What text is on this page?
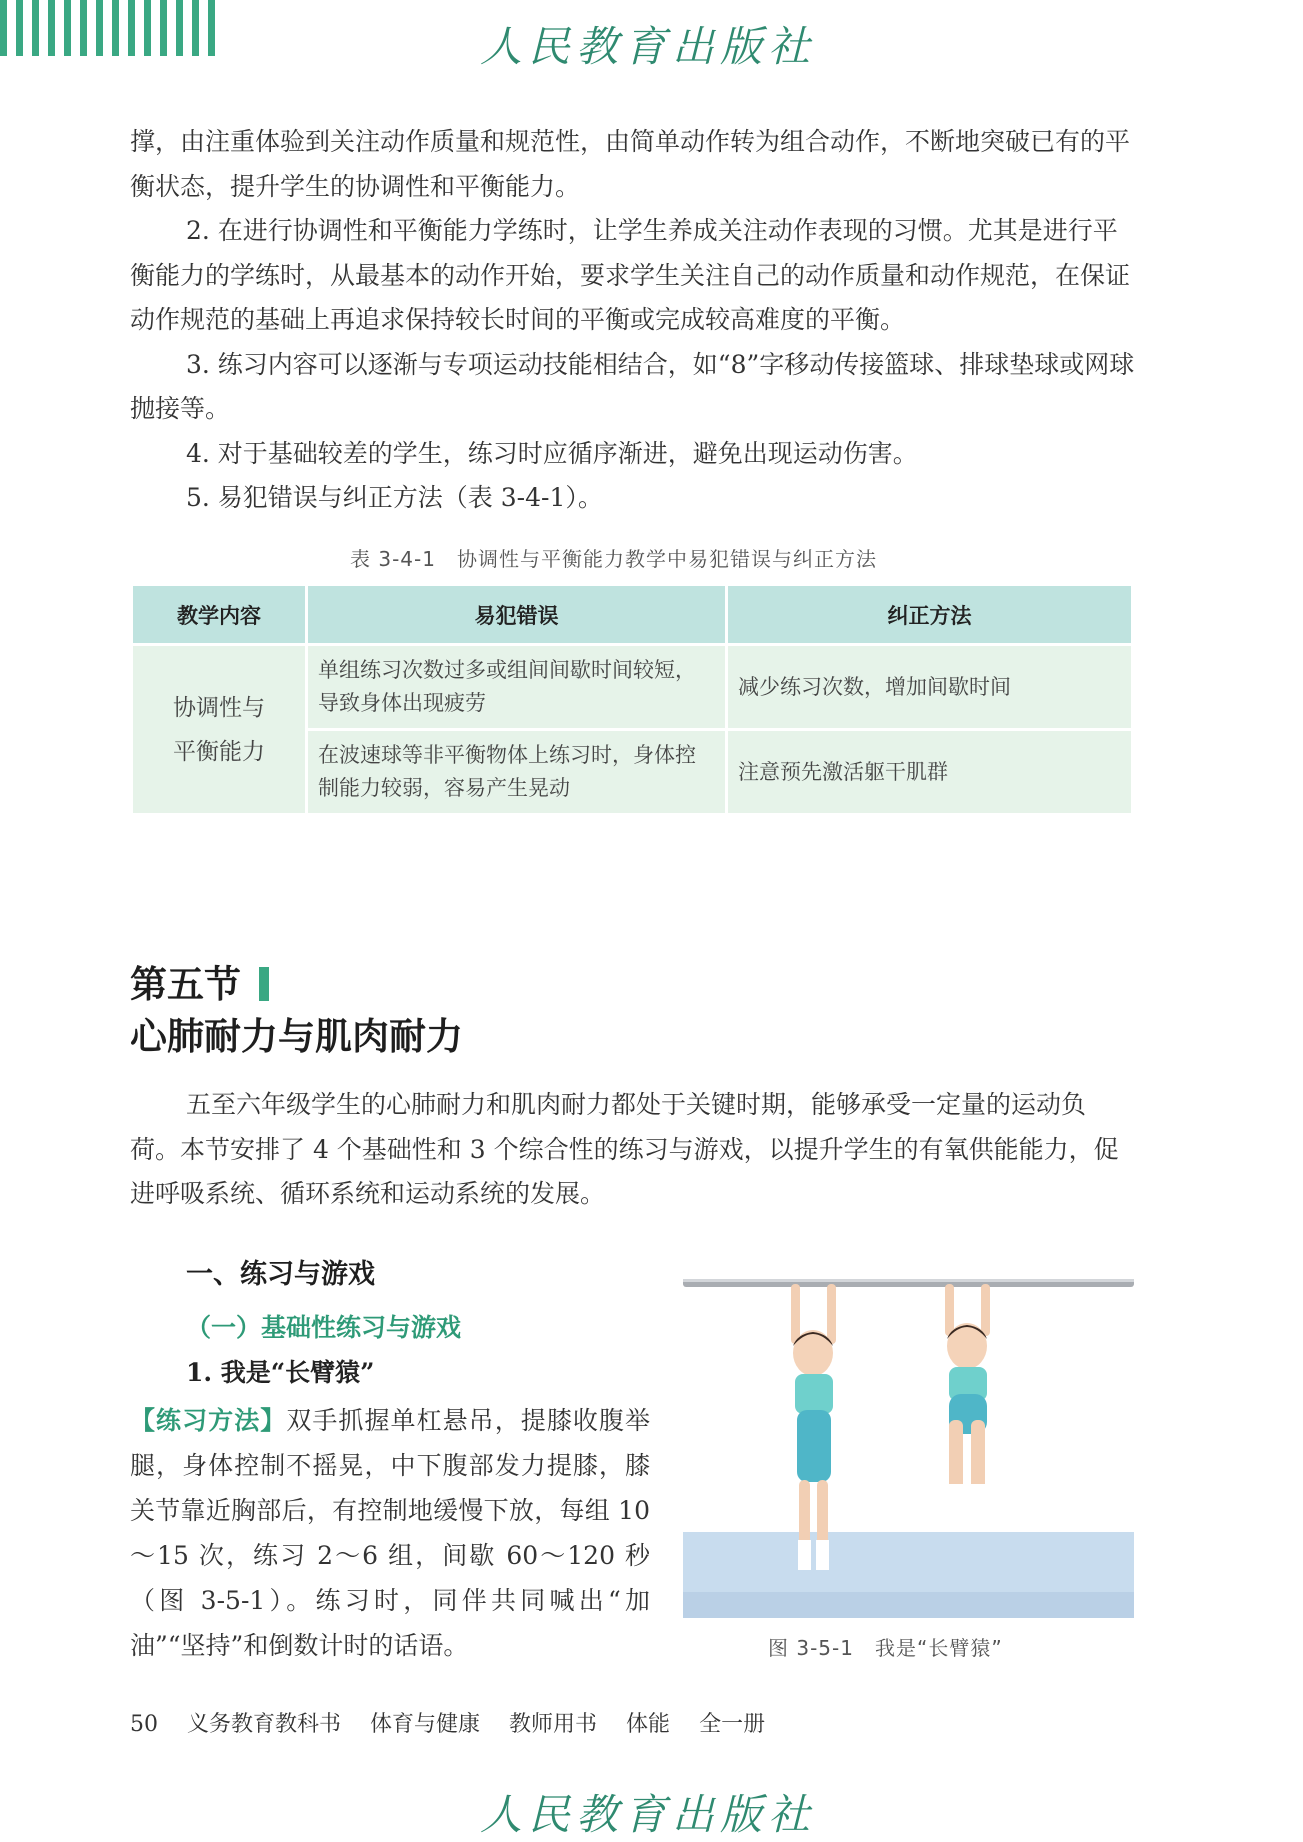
人民教育出版社

撑，由注重体验到关注动作质量和规范性，由简单动作转为组合动作，不断地突破已有的平衡状态，提升学生的协调性和平衡能力。

2. 在进行协调性和平衡能力学练时，让学生养成关注动作表现的习惯。尤其是进行平衡能力的学练时，从最基本的动作开始，要求学生关注自己的动作质量和动作规范，在保证动作规范的基础上再追求保持较长时间的平衡或完成较高难度的平衡。

3. 练习内容可以逐渐与专项运动技能相结合，如“8”字移动传接篮球、排球垫球或网球抛接等。

4. 对于基础较差的学生，练习时应循序渐进，避免出现运动伤害。

5. 易犯错误与纠正方法（表 3-4-1）。

表 3-4-1　协调性与平衡能力教学中易犯错误与纠正方法
教学内容	易犯错误	纠正方法

协调性与
平衡能力	单组练习次数过多或组间间歇时间较短，导致身体出现疲劳	减少练习次数，增加间歇时间
	在波速球等非平衡物体上练习时，身体控制能力较弱，容易产生晃动	注意预先激活躯干肌群
第五节
心肺耐力与肌肉耐力

五至六年级学生的心肺耐力和肌肉耐力都处于关键时期，能够承受一定量的运动负荷。本节安排了 4 个基础性和 3 个综合性的练习与游戏，以提升学生的有氧供能能力，促进呼吸系统、循环系统和运动系统的发展。

一、练习与游戏
（一）基础性练习与游戏
1. 我是“长臂猿”

【练习方法】双手抓握单杠悬吊，提膝收腹举腿，身体控制不摇晃，中下腹部发力提膝，膝关节靠近胸部后，有控制地缓慢下放，每组 10～15 次，练习 2～6 组，间歇 60～120 秒（图 3-5-1）。练习时，同伴共同喊出“加油”“坚持”和倒数计时的话语。	图 3-5-1　我是“长臂猿”
50 义务教育教科书 体育与健康 教师用书 体能 全一册
人民教育出版社
